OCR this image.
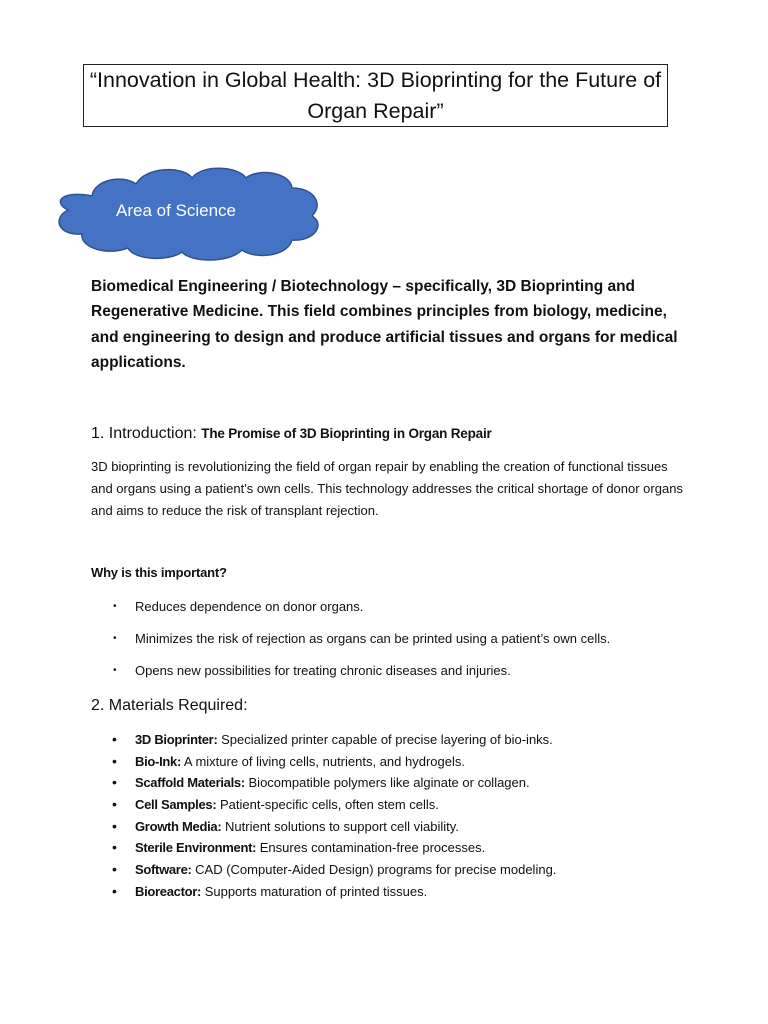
“Innovation in Global Health: 3D Bioprinting for the Future of Organ Repair”
Area of Science

Biomedical Engineering / Biotechnology – specifically, 3D Bioprinting and Regenerative Medicine. This field combines principles from biology, medicine, and engineering to design and produce artificial tissues and organs for medical applications.

1. Introduction: The Promise of 3D Bioprinting in Organ Repair

3D bioprinting is revolutionizing the field of organ repair by enabling the creation of functional tissues and organs using a patient's own cells. This technology addresses the critical shortage of donor organs and aims to reduce the risk of transplant rejection.

Why is this important?
• Reduces dependence on donor organs.
• Minimizes the risk of rejection as organs can be printed using a patient’s own cells.
• Opens new possibilities for treating chronic diseases and injuries.
2. Materials Required:
• 3D Bioprinter: Specialized printer capable of precise layering of bio-inks.
• Bio-Ink: A mixture of living cells, nutrients, and hydrogels.
• Scaffold Materials: Biocompatible polymers like alginate or collagen.
• Cell Samples: Patient-specific cells, often stem cells.
• Growth Media: Nutrient solutions to support cell viability.
• Sterile Environment: Ensures contamination-free processes.
• Software: CAD (Computer-Aided Design) programs for precise modeling.
• Bioreactor: Supports maturation of printed tissues.
